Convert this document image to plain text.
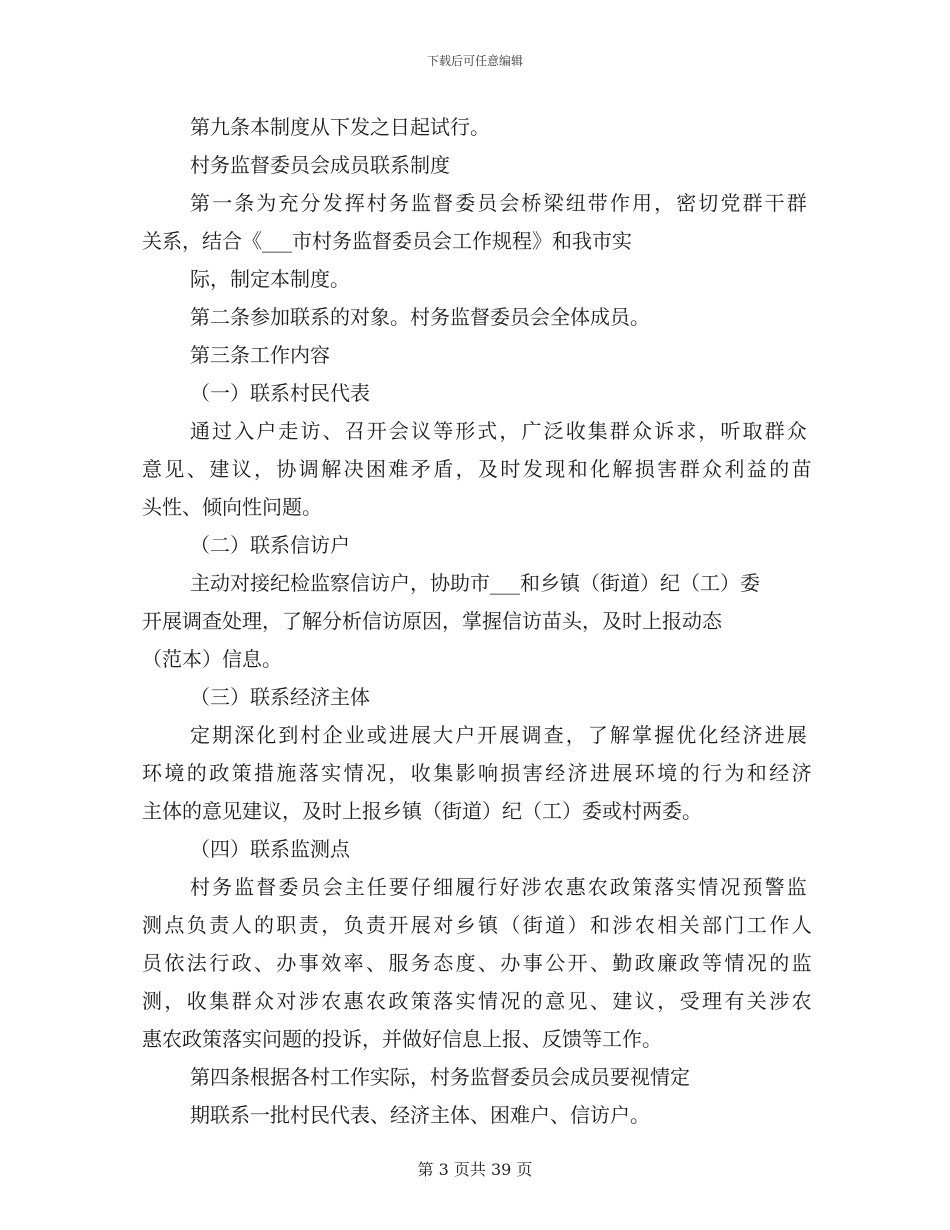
下载后可任意编辑
第九条本制度从下发之日起试行。
村务监督委员会成员联系制度
第一条为充分发挥村务监督委员会桥梁纽带作用，密切党群干群
关系，结合《___市村务监督委员会工作规程》和我市实
际，制定本制度。
第二条参加联系的对象。村务监督委员会全体成员。
第三条工作内容
（一）联系村民代表
通过入户走访、召开会议等形式，广泛收集群众诉求，听取群众
意见、建议，协调解决困难矛盾，及时发现和化解损害群众利益的苗
头性、倾向性问题。
（二）联系信访户
主动对接纪检监察信访户，协助市___和乡镇（街道）纪（工）委
开展调查处理，了解分析信访原因，掌握信访苗头，及时上报动态
（范本）信息。
（三）联系经济主体
定期深化到村企业或进展大户开展调查，了解掌握优化经济进展
环境的政策措施落实情况，收集影响损害经济进展环境的行为和经济
主体的意见建议，及时上报乡镇（街道）纪（工）委或村两委。
（四）联系监测点
村务监督委员会主任要仔细履行好涉农惠农政策落实情况预警监
测点负责人的职责，负责开展对乡镇（街道）和涉农相关部门工作人
员依法行政、办事效率、服务态度、办事公开、勤政廉政等情况的监
测，收集群众对涉农惠农政策落实情况的意见、建议，受理有关涉农
惠农政策落实问题的投诉，并做好信息上报、反馈等工作。
第四条根据各村工作实际，村务监督委员会成员要视情定
期联系一批村民代表、经济主体、困难户、信访户。
第 3 页共 39 页
